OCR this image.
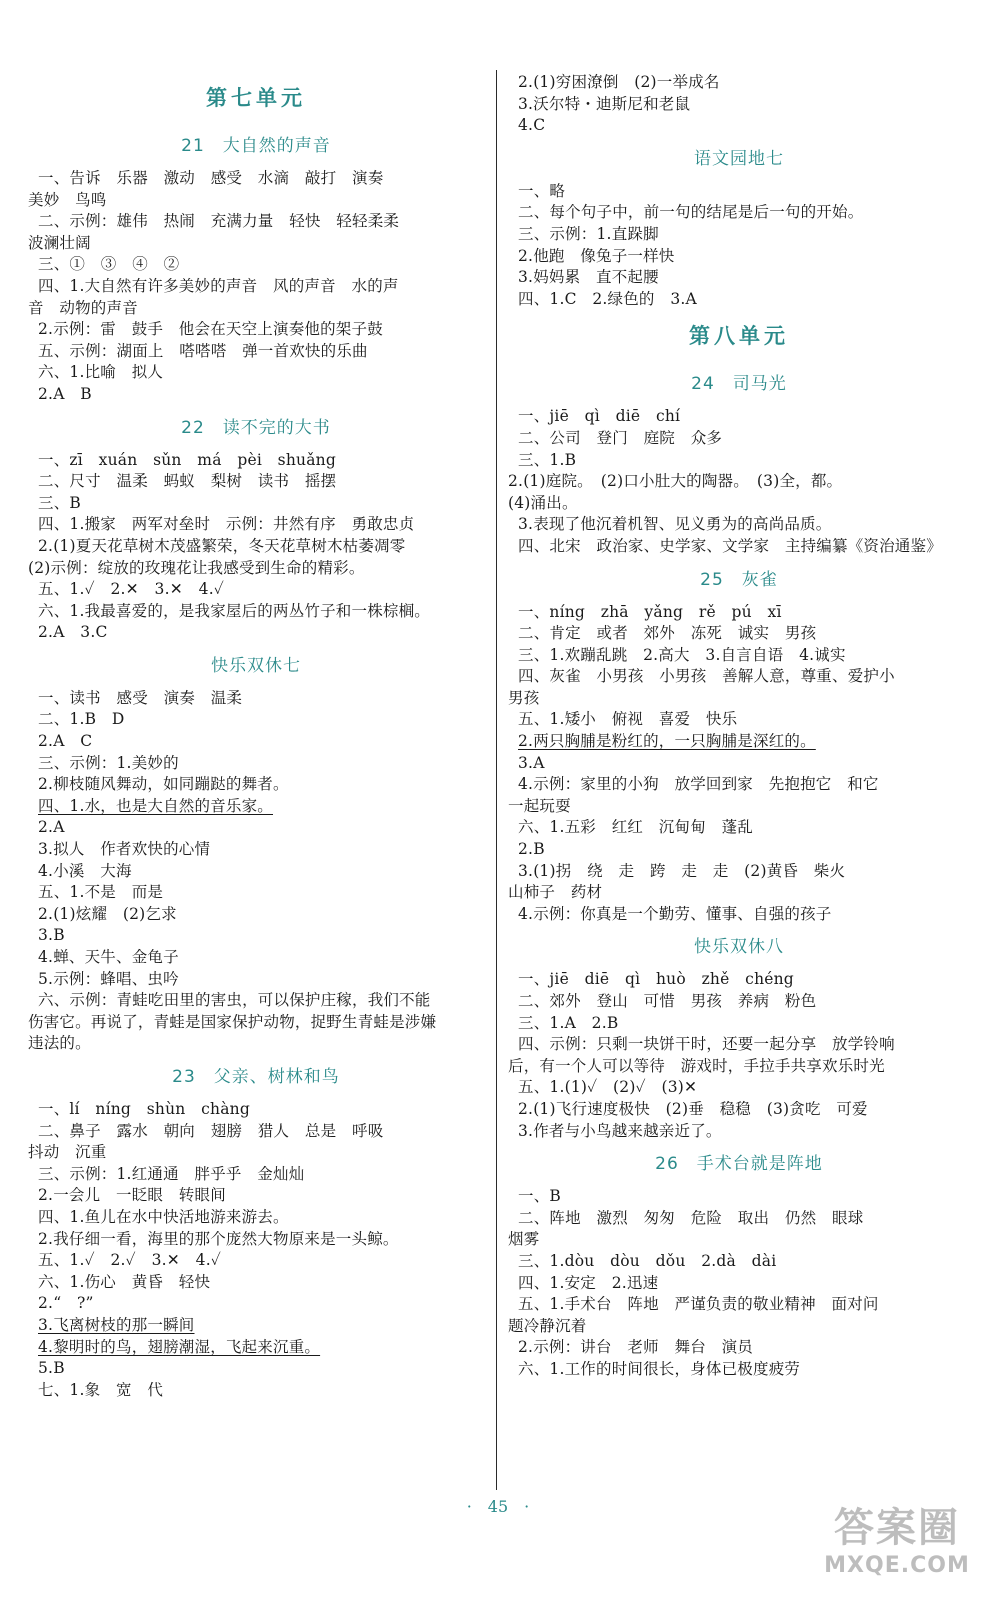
第七单元
21　大自然的声音
一、告诉　乐器　激动　感受　水滴　敲打　演奏
美妙　鸟鸣
二、示例：雄伟　热闹　充满力量　轻快　轻轻柔柔
波澜壮阔
三、①　③　④　②
四、1.大自然有许多美妙的声音　风的声音　水的声
音　动物的声音
2.示例：雷　鼓手　他会在天空上演奏他的架子鼓
五、示例：湖面上　嗒嗒嗒　弹一首欢快的乐曲
六、1.比喻　拟人
2.A　B
22　读不完的大书
一、zī　xuán　sǔn　má　pèi　shuǎng
二、尺寸　温柔　蚂蚁　梨树　读书　摇摆
三、B
四、1.搬家　两军对垒时　示例：井然有序　勇敢忠贞
2.(1)夏天花草树木茂盛繁荣，冬天花草树木枯萎凋零
(2)示例：绽放的玫瑰花让我感受到生命的精彩。
五、1.✓　2.✕　3.✕　4.✓
六、1.我最喜爱的，是我家屋后的两丛竹子和一株棕榈。
2.A　3.C
快乐双休七
一、读书　感受　演奏　温柔
二、1.B　D
2.A　C
三、示例：1.美妙的
2.柳枝随风舞动，如同蹦跶的舞者。
四、1.水，也是大自然的音乐家。
2.A
3.拟人　作者欢快的心情
4.小溪　大海
五、1.不是　而是
2.(1)炫耀　(2)乞求
3.B
4.蝉、天牛、金龟子
5.示例：蜂唱、虫吟
六、示例：青蛙吃田里的害虫，可以保护庄稼，我们不能
伤害它。再说了，青蛙是国家保护动物，捉野生青蛙是涉嫌
违法的。
23　父亲、树林和鸟
一、lí　níng　shùn　chàng
二、鼻子　露水　朝向　翅膀　猎人　总是　呼吸
抖动　沉重
三、示例：1.红通通　胖乎乎　金灿灿
2.一会儿　一眨眼　转眼间
四、1.鱼儿在水中快活地游来游去。
2.我仔细一看，海里的那个庞然大物原来是一头鲸。
五、1.✓　2.✓　3.✕　4.✓
六、1.伤心　黄昏　轻快
2.“　?”
3.飞离树枝的那一瞬间
4.黎明时的鸟，翅膀潮湿，飞起来沉重。
5.B
七、1.象　宽　代
2.(1)穷困潦倒　(2)一举成名
3.沃尔特・迪斯尼和老鼠
4.C
语文园地七
一、略
二、每个句子中，前一句的结尾是后一句的开始。
三、示例：1.直跺脚
2.他跑　像兔子一样快
3.妈妈累　直不起腰
四、1.C　2.绿色的　3.A
第八单元
24　司马光
一、jiē　qì　diē　chí
二、公司　登门　庭院　众多
三、1.B
2.(1)庭院。　(2)口小肚大的陶器。　(3)全，都。
(4)涌出。
3.表现了他沉着机智、见义勇为的高尚品质。
四、北宋　政治家、史学家、文学家　主持编纂《资治通鉴》
25　灰雀
一、níng　zhā　yǎng　rě　pú　xī
二、肯定　或者　郊外　冻死　诚实　男孩
三、1.欢蹦乱跳　2.高大　3.自言自语　4.诚实
四、灰雀　小男孩　小男孩　善解人意，尊重、爱护小
男孩
五、1.矮小　俯视　喜爱　快乐
2.两只胸脯是粉红的，一只胸脯是深红的。
3.A
4.示例：家里的小狗　放学回到家　先抱抱它　和它
一起玩耍
六、1.五彩　红红　沉甸甸　蓬乱
2.B
3.(1)拐　绕　走　跨　走　走　(2)黄昏　柴火
山柿子　药材
4.示例：你真是一个勤劳、懂事、自强的孩子
快乐双休八
一、jiē　diē　qì　huò　zhě　chéng
二、郊外　登山　可惜　男孩　养病　粉色
三、1.A　2.B
四、示例：只剩一块饼干时，还要一起分享　放学铃响
后，有一个人可以等待　游戏时，手拉手共享欢乐时光
五、1.(1)✓　(2)✓　(3)✕
2.(1)飞行速度极快　(2)垂　稳稳　(3)贪吃　可爱
3.作者与小鸟越来越亲近了。
26　手术台就是阵地
一、B
二、阵地　激烈　匆匆　危险　取出　仍然　眼球
烟雾
三、1.dòu　dòu　dǒu　2.dà　dài
四、1.安定　2.迅速
五、1.手术台　阵地　严谨负责的敬业精神　面对问
题冷静沉着
2.示例：讲台　老师　舞台　演员
六、1.工作的时间很长，身体已极度疲劳
·　45　·	答案圈
MXQE.COM
